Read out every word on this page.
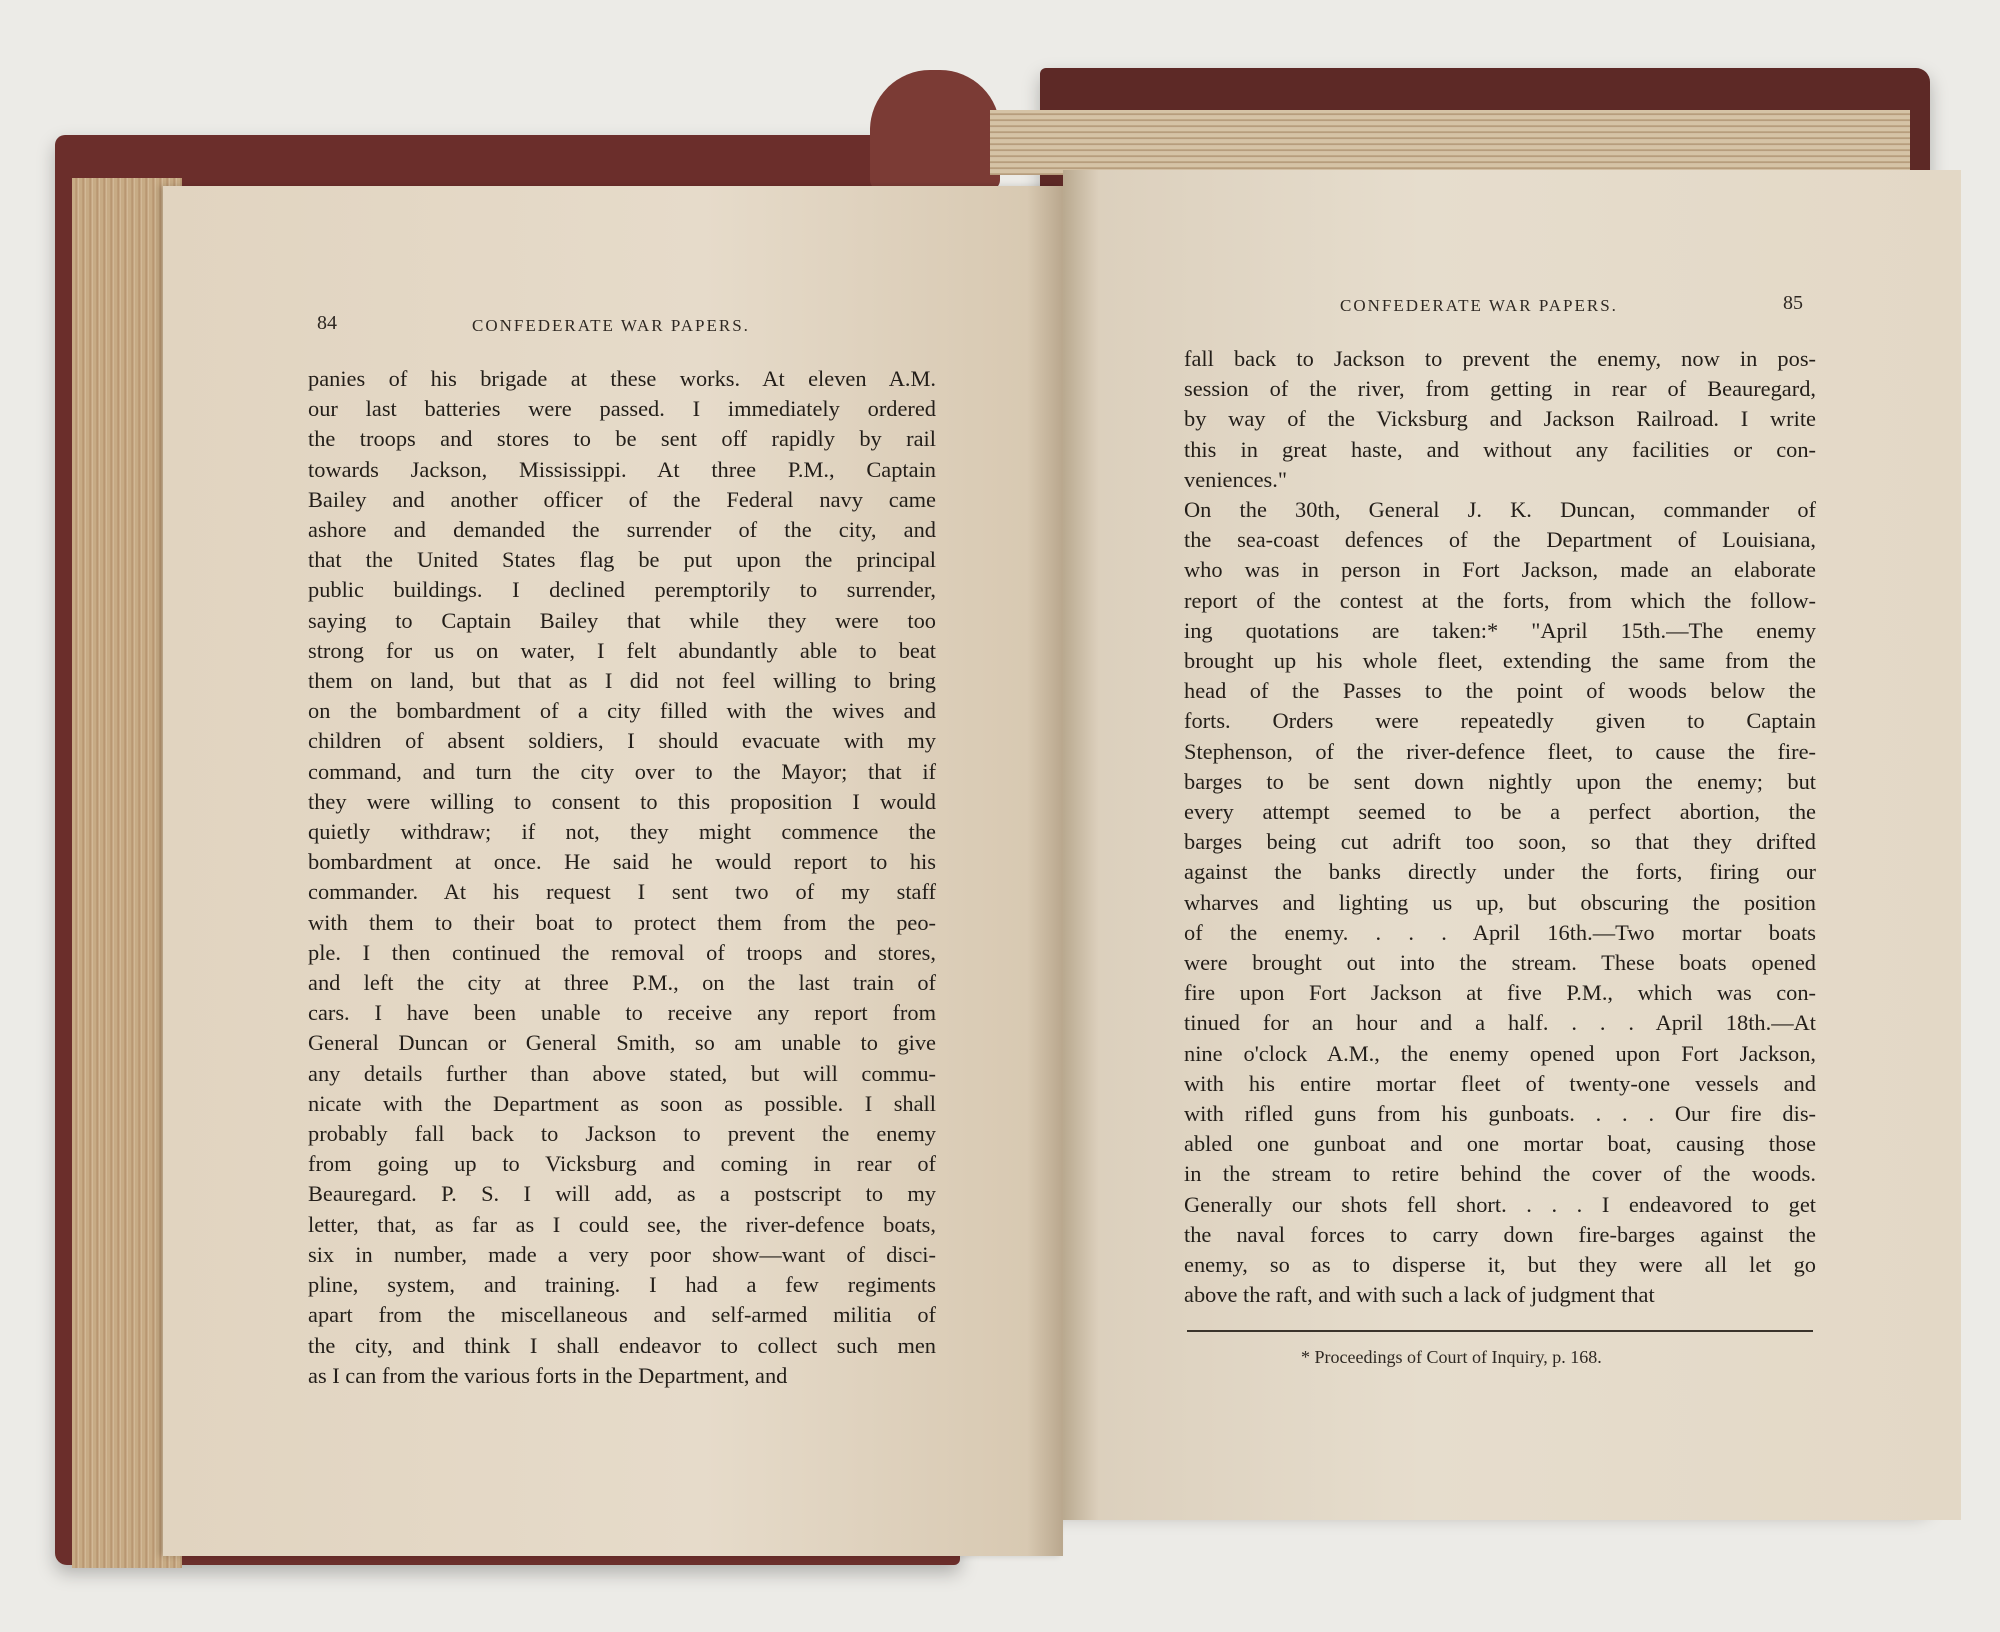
84	CONFEDERATE WAR PAPERS.
panies of his brigade at these works. At eleven A.M.
our last batteries were passed. I immediately ordered
the troops and stores to be sent off rapidly by rail
towards Jackson, Mississippi. At three P.M., Captain
Bailey and another officer of the Federal navy came
ashore and demanded the surrender of the city, and
that the United States flag be put upon the principal
public buildings. I declined peremptorily to surrender,
saying to Captain Bailey that while they were too
strong for us on water, I felt abundantly able to beat
them on land, but that as I did not feel willing to bring
on the bombardment of a city filled with the wives and
children of absent soldiers, I should evacuate with my
command, and turn the city over to the Mayor; that if
they were willing to consent to this proposition I would
quietly withdraw; if not, they might commence the
bombardment at once. He said he would report to his
commander. At his request I sent two of my staff
with them to their boat to protect them from the peo-
ple. I then continued the removal of troops and stores,
and left the city at three P.M., on the last train of
cars. I have been unable to receive any report from
General Duncan or General Smith, so am unable to give
any details further than above stated, but will commu-
nicate with the Department as soon as possible. I shall
probably fall back to Jackson to prevent the enemy
from going up to Vicksburg and coming in rear of
Beauregard. P. S. I will add, as a postscript to my
letter, that, as far as I could see, the river-defence boats,
six in number, made a very poor show—want of disci-
pline, system, and training. I had a few regiments
apart from the miscellaneous and self-armed militia of
the city, and think I shall endeavor to collect such men
as I can from the various forts in the Department, and
CONFEDERATE WAR PAPERS.	85
fall back to Jackson to prevent the enemy, now in pos-
session of the river, from getting in rear of Beauregard,
by way of the Vicksburg and Jackson Railroad. I write
this in great haste, and without any facilities or con-
veniences."
On the 30th, General J. K. Duncan, commander of
the sea-coast defences of the Department of Louisiana,
who was in person in Fort Jackson, made an elaborate
report of the contest at the forts, from which the follow-
ing quotations are taken:* "April 15th.—The enemy
brought up his whole fleet, extending the same from the
head of the Passes to the point of woods below the
forts. Orders were repeatedly given to Captain
Stephenson, of the river-defence fleet, to cause the fire-
barges to be sent down nightly upon the enemy; but
every attempt seemed to be a perfect abortion, the
barges being cut adrift too soon, so that they drifted
against the banks directly under the forts, firing our
wharves and lighting us up, but obscuring the position
of the enemy. . . . April 16th.—Two mortar boats
were brought out into the stream. These boats opened
fire upon Fort Jackson at five P.M., which was con-
tinued for an hour and a half. . . . April 18th.—At
nine o'clock A.M., the enemy opened upon Fort Jackson,
with his entire mortar fleet of twenty-one vessels and
with rifled guns from his gunboats. . . . Our fire dis-
abled one gunboat and one mortar boat, causing those
in the stream to retire behind the cover of the woods.
Generally our shots fell short. . . . I endeavored to get
the naval forces to carry down fire-barges against the
enemy, so as to disperse it, but they were all let go
above the raft, and with such a lack of judgment that
* Proceedings of Court of Inquiry, p. 168.
